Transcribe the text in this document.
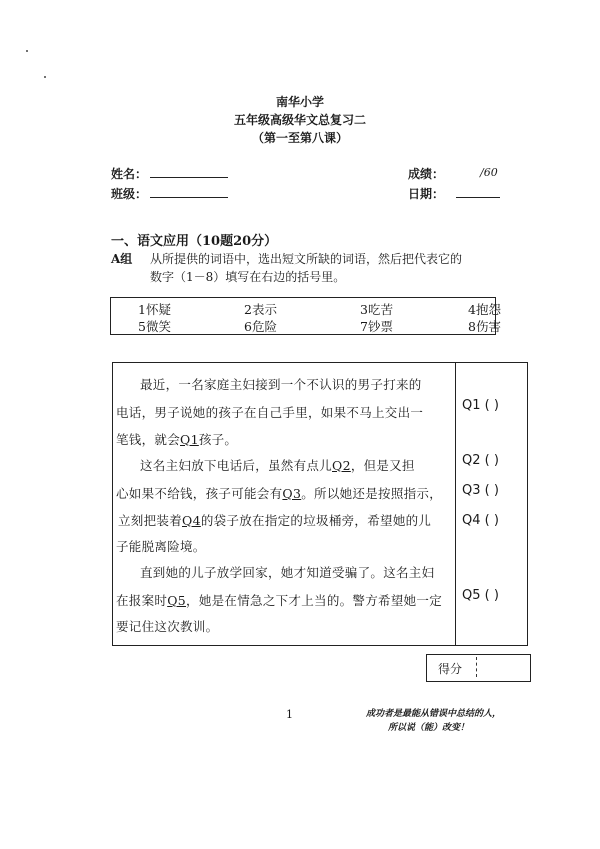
南华小学
五年级高级华文总复习二
（第一至第八课）
姓名：
班级：
成绩：	/60
日期：
一、语文应用（10题20分）
A组 从所提供的词语中，选出短文所缺的词语，然后把代表它的
数字（1－8）填写在右边的括号里。
1怀疑	2表示	3吃苦	4抱怨
5微笑	6危险	7钞票	8伤害
最近，一名家庭主妇接到一个不认识的男子打来的
电话，男子说她的孩子在自己手里，如果不马上交出一
笔钱，就会Q1孩子。
这名主妇放下电话后，虽然有点儿Q2，但是又担
心如果不给钱，孩子可能会有Q3。所以她还是按照指示，
立刻把装着Q4的袋子放在指定的垃圾桶旁，希望她的儿
子能脱离险境。
直到她的儿子放学回家，她才知道受骗了。这名主妇
在报案时Q5，她是在情急之下才上当的。警方希望她一定
要记住这次教训。
Q1 ( )
Q2 ( )
Q3 ( )
Q4 ( )
Q5 ( )
得分
1	成功者是最能从错误中总结的人，
所以说（能）改变！
